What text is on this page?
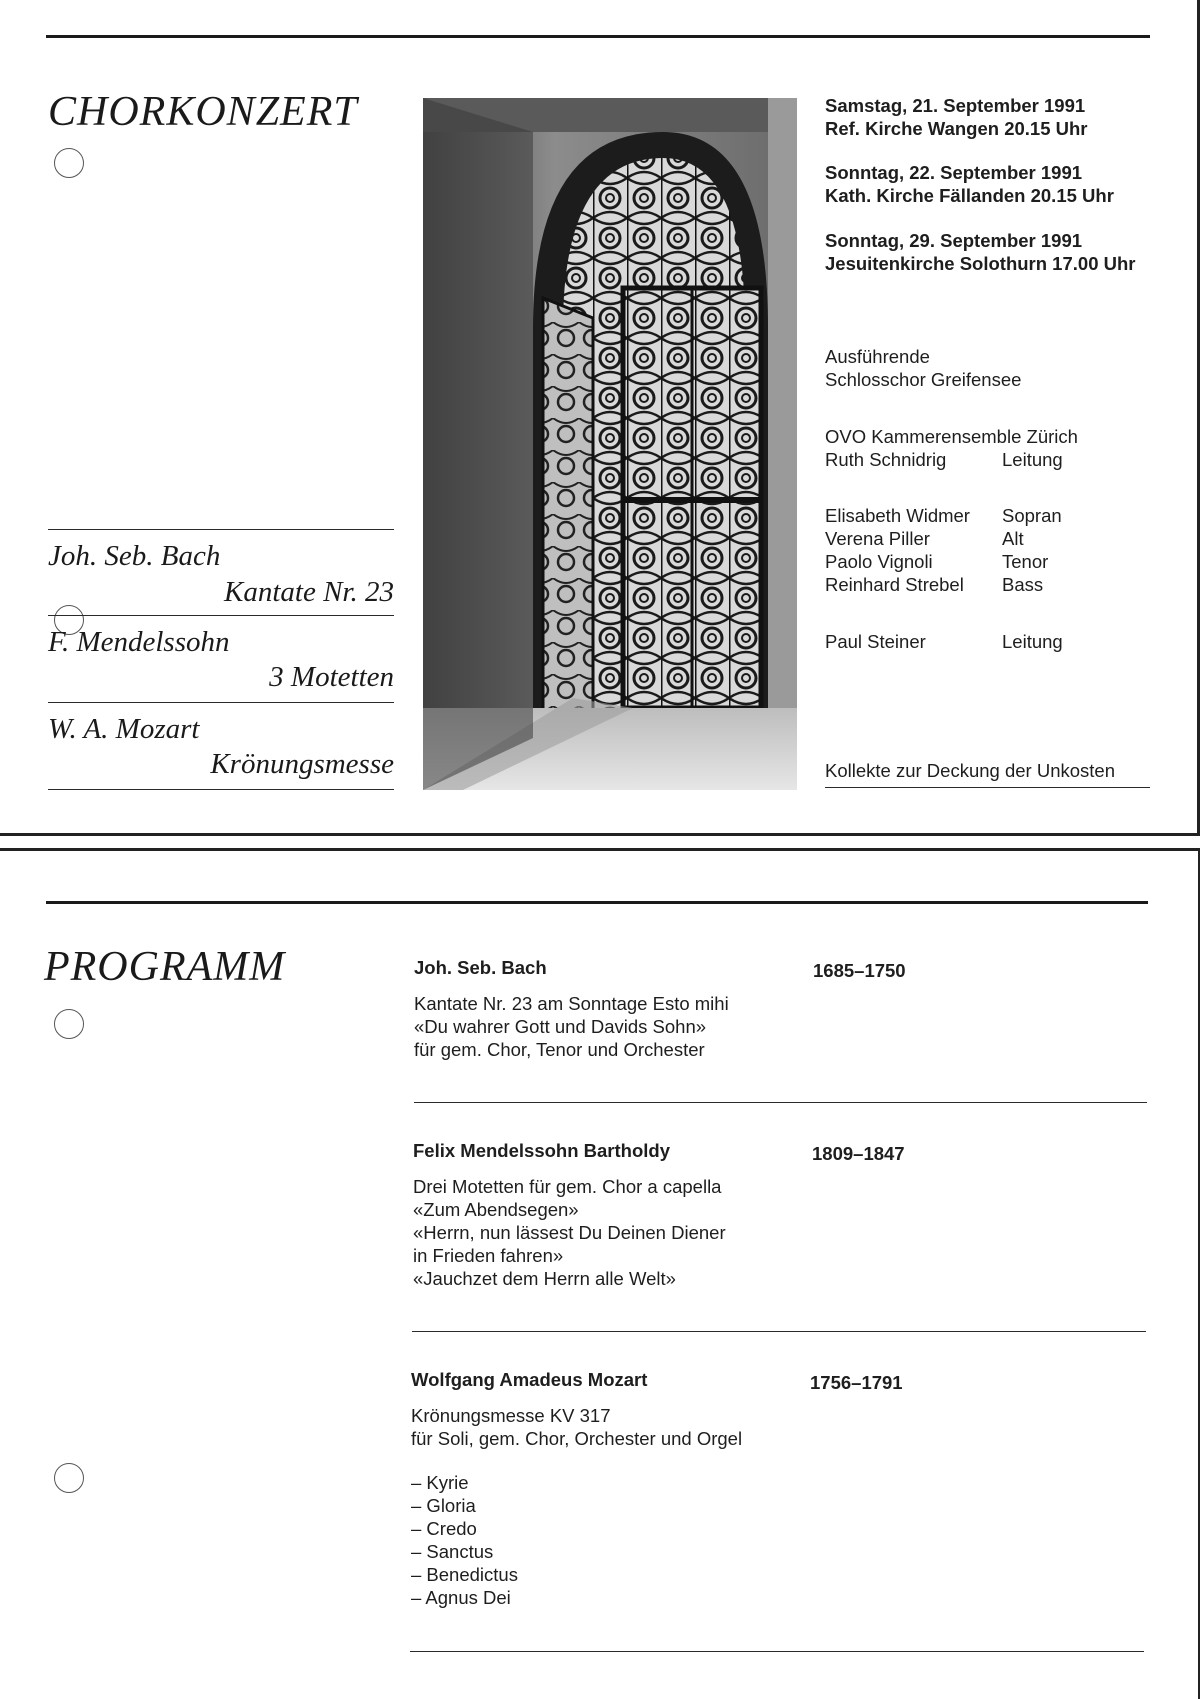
CHORKONZERT
Joh. Seb. Bach
Kantate Nr. 23
F. Mendelssohn
3 Motetten
W. A. Mozart
Krönungsmesse
Samstag, 21. September 1991
Ref. Kirche Wangen 20.15 Uhr
Sonntag, 22. September 1991
Kath. Kirche Fällanden 20.15 Uhr
Sonntag, 29. September 1991
Jesuitenkirche Solothurn 17.00 Uhr
Ausführende
Schlosschor Greifensee
OVO Kammerensemble Zürich
Ruth Schnidrig	Leitung
Elisabeth Widmer Sopran
Verena Piller	Alt
Paolo Vignoli	Tenor
Reinhard Strebel Bass
Paul Steiner	Leitung
Kollekte zur Deckung der Unkosten
PROGRAMM	Joh. Seb. Bach	1685–1750
Kantate Nr. 23 am Sonntage Esto mihi
«Du wahrer Gott und Davids Sohn»
für gem. Chor, Tenor und Orchester
Felix Mendelssohn Bartholdy	1809–1847
Drei Motetten für gem. Chor a capella
«Zum Abendsegen»
«Herrn, nun lässest Du Deinen Diener
in Frieden fahren»
«Jauchzet dem Herrn alle Welt»
Wolfgang Amadeus Mozart	1756–1791
Krönungsmesse KV 317
für Soli, gem. Chor, Orchester und Orgel
– Kyrie
– Gloria
– Credo
– Sanctus
– Benedictus
– Agnus Dei
